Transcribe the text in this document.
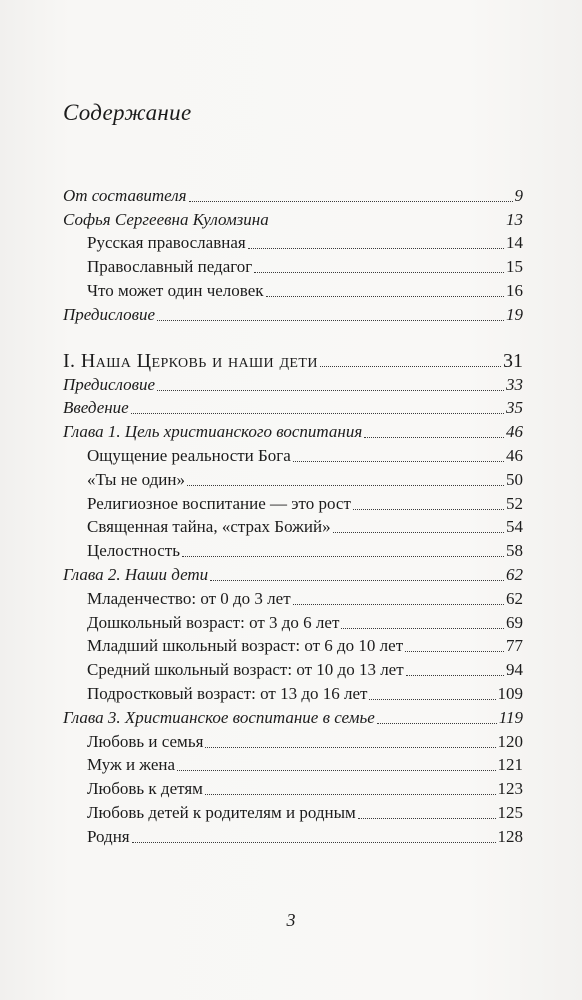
Содержание
От составителя	9
Софья Сергеевна Куломзина	13
Русская православная	14
Православный педагог	15
Что может один человек	16
Предисловие	19
I. Наша Церковь и наши дети	31
Предисловие	33
Введение	35
Глава 1. Цель христианского воспитания	46
Ощущение реальности Бога	46
«Ты не один»	50
Религиозное воспитание — это рост	52
Священная тайна, «страх Божий»	54
Целостность	58
Глава 2. Наши дети	62
Младенчество: от 0 до 3 лет	62
Дошкольный возраст: от 3 до 6 лет	69
Младший школьный возраст: от 6 до 10 лет	77
Средний школьный возраст: от 10 до 13 лет	94
Подростковый возраст: от 13 до 16 лет	109
Глава 3. Христианское воспитание в семье	119
Любовь и семья	120
Муж и жена	121
Любовь к детям	123
Любовь детей к родителям и родным	125
Родня	128
3
